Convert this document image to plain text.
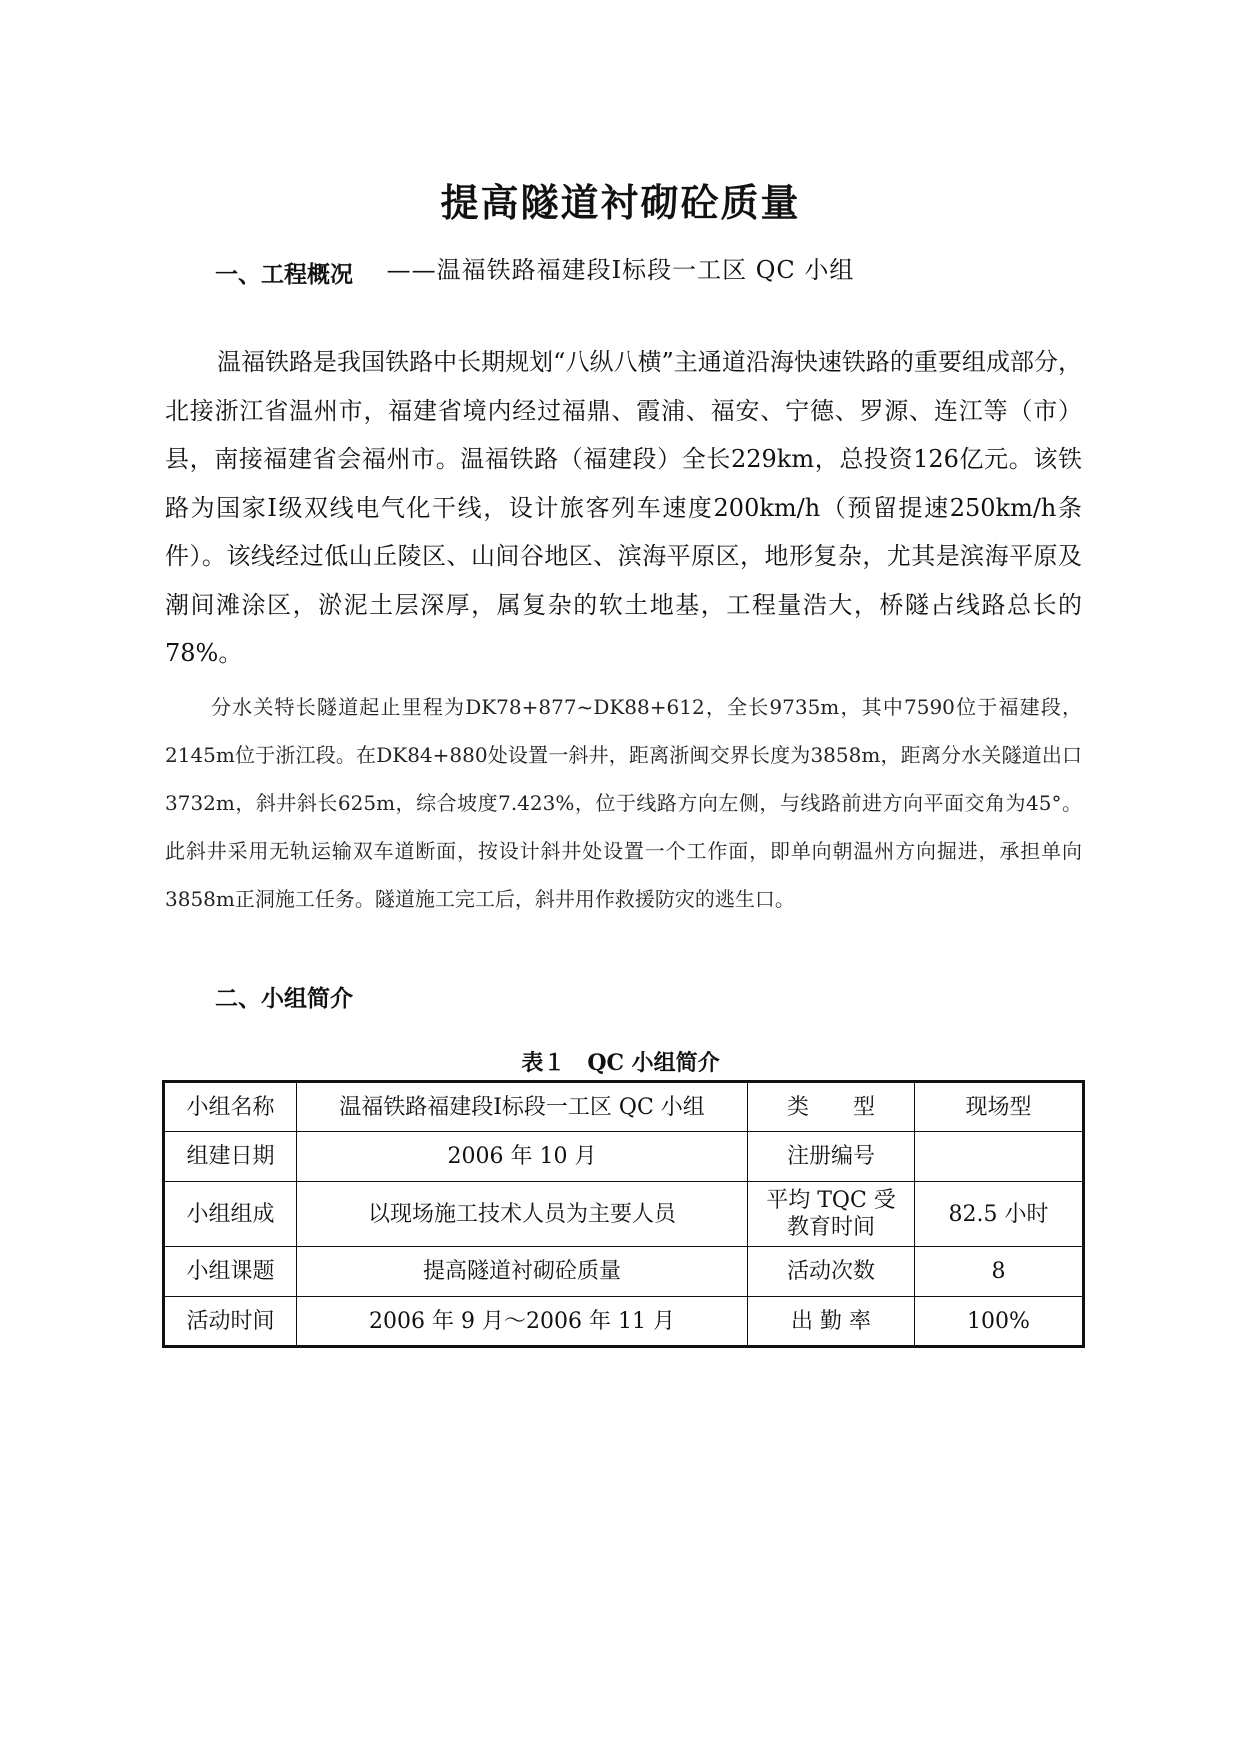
提高隧道衬砌砼质量
——温福铁路福建段Ⅰ标段一工区 QC 小组
一、工程概况
温福铁路是我国铁路中长期规划“八纵八横”主通道沿海快速铁路的重要组成部分，北接浙江省温州市，福建省境内经过福鼎、霞浦、福安、宁德、罗源、连江等（市）县，南接福建省会福州市。温福铁路（福建段）全长229km，总投资126亿元。该铁路为国家Ⅰ级双线电气化干线，设计旅客列车速度200km/h（预留提速250km/h条件）。该线经过低山丘陵区、山间谷地区、滨海平原区，地形复杂，尤其是滨海平原及潮间滩涂区，淤泥土层深厚，属复杂的软土地基，工程量浩大，桥隧占线路总长的78%。
分水关特长隧道起止里程为DK78+877~DK88+612，全长9735m，其中7590位于福建段，2145m位于浙江段。在DK84+880处设置一斜井，距离浙闽交界长度为3858m，距离分水关隧道出口3732m，斜井斜长625m，综合坡度7.423%，位于线路方向左侧，与线路前进方向平面交角为45°。此斜井采用无轨运输双车道断面，按设计斜井处设置一个工作面，即单向朝温州方向掘进，承担单向3858m正洞施工任务。隧道施工完工后，斜井用作救援防灾的逃生口。
二、小组简介
表１　QC 小组简介
小组名称	温福铁路福建段Ⅰ标段一工区 QC 小组	类　　型	现场型
组建日期	2006 年 10 月	注册编号	
小组组成	以现场施工技术人员为主要人员	平均 TQC 受教育时间	82.5 小时
小组课题	提高隧道衬砌砼质量	活动次数	8
活动时间	2006 年 9 月～2006 年 11 月	出 勤 率	100%
